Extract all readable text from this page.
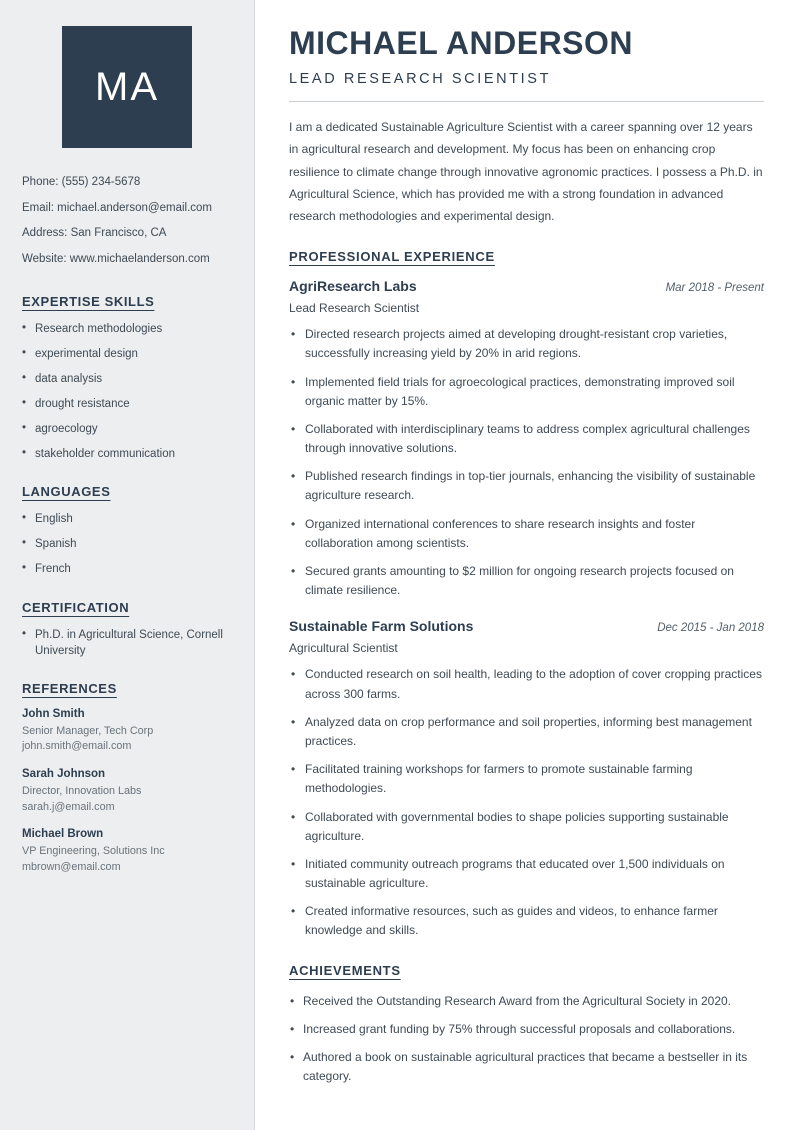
MA
Phone: (555) 234-5678
Email: michael.anderson@email.com
Address: San Francisco, CA
Website: www.michaelanderson.com
EXPERTISE SKILLS
• Research methodologies
• experimental design
• data analysis
• drought resistance
• agroecology
• stakeholder communication
LANGUAGES
• English
• Spanish
• French
CERTIFICATION
• Ph.D. in Agricultural Science, Cornell University
REFERENCES
John Smith
Senior Manager, Tech Corp
john.smith@email.com
Sarah Johnson
Director, Innovation Labs
sarah.j@email.com
Michael Brown
VP Engineering, Solutions Inc
mbrown@email.com
MICHAEL ANDERSON
LEAD RESEARCH SCIENTIST

I am a dedicated Sustainable Agriculture Scientist with a career spanning over 12 years in agricultural research and development. My focus has been on enhancing crop resilience to climate change through innovative agronomic practices. I possess a Ph.D. in Agricultural Science, which has provided me with a strong foundation in advanced research methodologies and experimental design.

PROFESSIONAL EXPERIENCE
AgriResearch Labs	Mar 2018 - Present
Lead Research Scientist
• Directed research projects aimed at developing drought-resistant crop varieties, successfully increasing yield by 20% in arid regions.
• Implemented field trials for agroecological practices, demonstrating improved soil organic matter by 15%.
• Collaborated with interdisciplinary teams to address complex agricultural challenges through innovative solutions.
• Published research findings in top-tier journals, enhancing the visibility of sustainable agriculture research.
• Organized international conferences to share research insights and foster collaboration among scientists.
• Secured grants amounting to $2 million for ongoing research projects focused on climate resilience.
Sustainable Farm Solutions	Dec 2015 - Jan 2018
Agricultural Scientist
• Conducted research on soil health, leading to the adoption of cover cropping practices across 300 farms.
• Analyzed data on crop performance and soil properties, informing best management practices.
• Facilitated training workshops for farmers to promote sustainable farming methodologies.
• Collaborated with governmental bodies to shape policies supporting sustainable agriculture.
• Initiated community outreach programs that educated over 1,500 individuals on sustainable agriculture.
• Created informative resources, such as guides and videos, to enhance farmer knowledge and skills.
ACHIEVEMENTS
• Received the Outstanding Research Award from the Agricultural Society in 2020.
• Increased grant funding by 75% through successful proposals and collaborations.
• Authored a book on sustainable agricultural practices that became a bestseller in its category.
